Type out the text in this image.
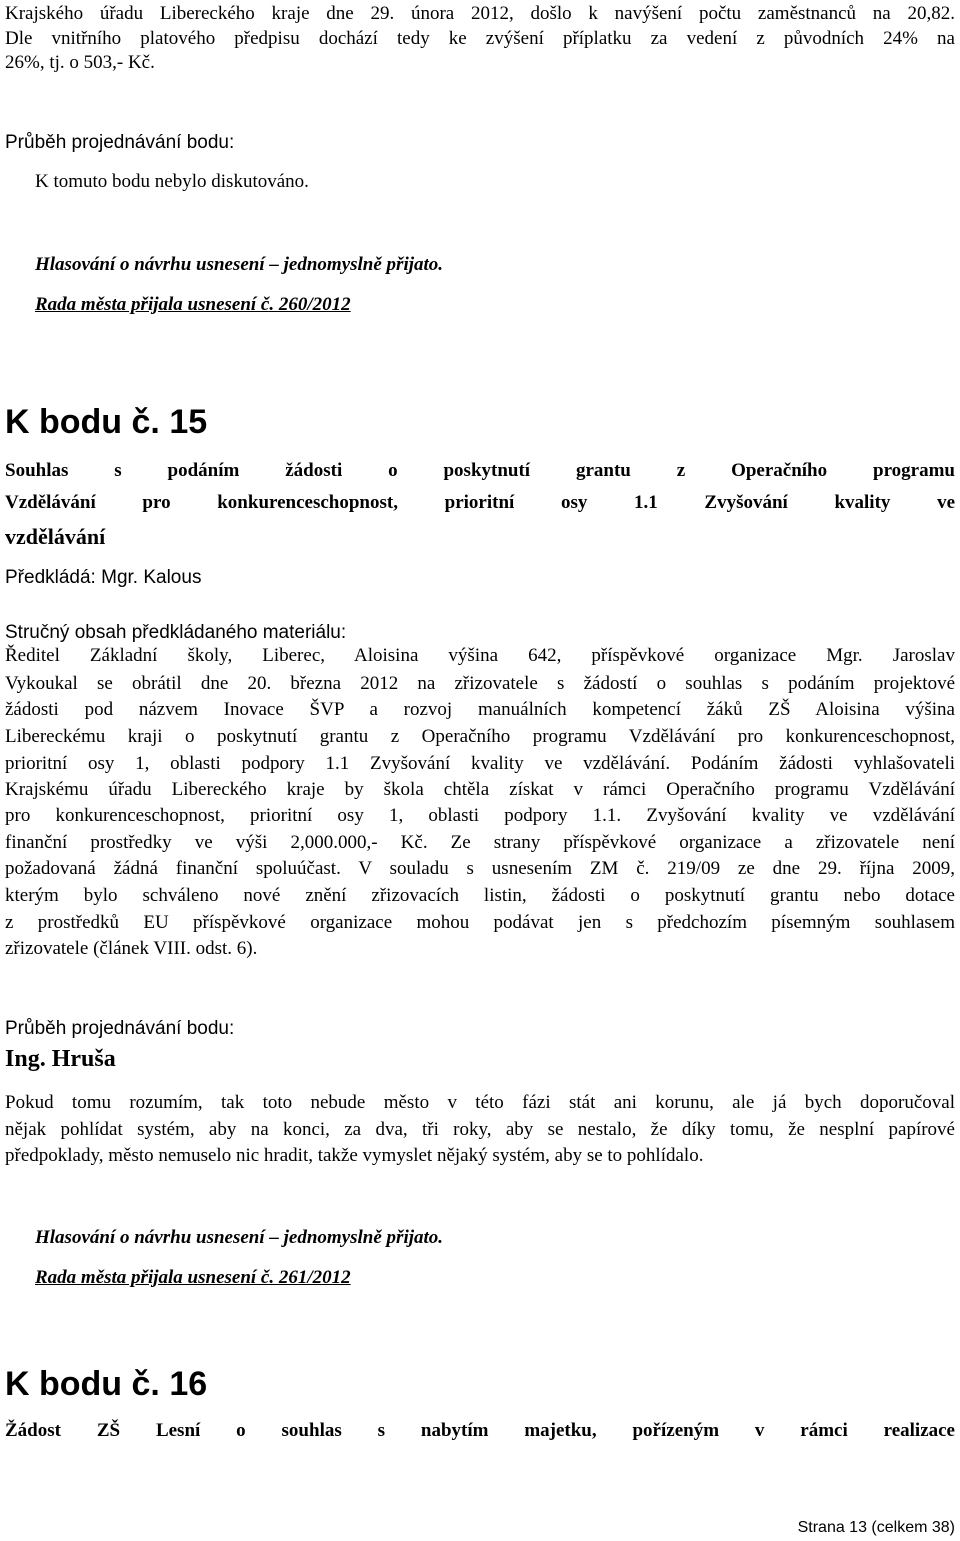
Krajského úřadu Libereckého kraje dne 29. února 2012, došlo k navýšení počtu zaměstnanců na 20,82.
Dle vnitřního platového předpisu dochází tedy ke zvýšení příplatku za vedení z původních 24% na
26%, tj. o 503,- Kč.
Průběh projednávání bodu:
K tomuto bodu nebylo diskutováno.
Hlasování o návrhu usnesení – jednomyslně přijato.
Rada města přijala usnesení č. 260/2012
K bodu č. 15
Souhlas s podáním žádosti o poskytnutí grantu z Operačního programu
Vzdělávání pro konkurenceschopnost, prioritní osy 1.1 Zvyšování kvality ve
vzdělávání
Předkládá: Mgr. Kalous
Stručný obsah předkládaného materiálu:
Ředitel Základní školy, Liberec, Aloisina výšina 642, příspěvkové organizace Mgr. Jaroslav
Vykoukal se obrátil dne 20. března 2012 na zřizovatele s žádostí o souhlas s podáním projektové
žádosti pod názvem Inovace ŠVP a rozvoj manuálních kompetencí žáků ZŠ Aloisina výšina
Libereckému kraji o poskytnutí grantu z Operačního programu Vzdělávání pro konkurenceschopnost,
prioritní osy 1, oblasti podpory 1.1 Zvyšování kvality ve vzdělávání. Podáním žádosti vyhlašovateli
Krajskému úřadu Libereckého kraje by škola chtěla získat v rámci Operačního programu Vzdělávání
pro konkurenceschopnost, prioritní osy 1, oblasti podpory 1.1. Zvyšování kvality ve vzdělávání
finanční prostředky ve výši 2,000.000,- Kč. Ze strany příspěvkové organizace a zřizovatele není
požadovaná žádná finanční spoluúčast. V souladu s usnesením ZM č. 219/09 ze dne 29. října 2009,
kterým bylo schváleno nové znění zřizovacích listin, žádosti o poskytnutí grantu nebo dotace
z prostředků EU příspěvkové organizace mohou podávat jen s předchozím písemným souhlasem
zřizovatele (článek VIII. odst. 6).
Průběh projednávání bodu:
Ing. Hruša
Pokud tomu rozumím, tak toto nebude město v této fázi stát ani korunu, ale já bych doporučoval
nějak pohlídat systém, aby na konci, za dva, tři roky, aby se nestalo, že díky tomu, že nesplní papírové
předpoklady, město nemuselo nic hradit, takže vymyslet nějaký systém, aby se to pohlídalo.
Hlasování o návrhu usnesení – jednomyslně přijato.
Rada města přijala usnesení č. 261/2012
K bodu č. 16
Žádost ZŠ Lesní o souhlas s nabytím majetku, pořízeným v rámci realizace
Strana 13 (celkem 38)
